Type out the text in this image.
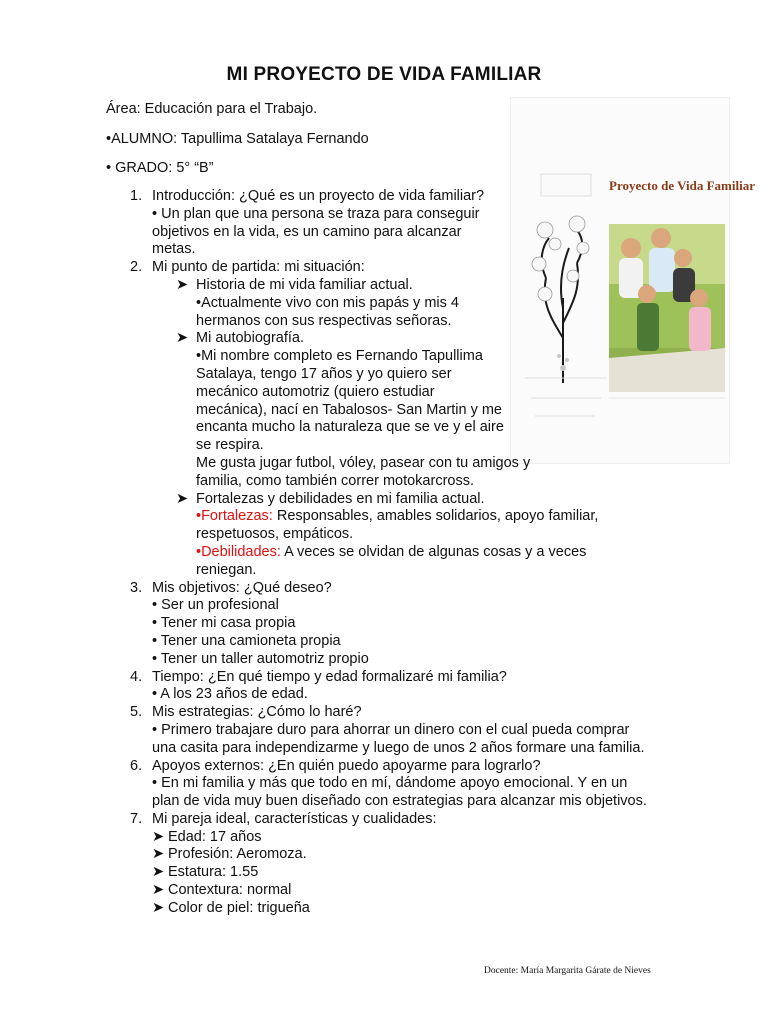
MI PROYECTO DE VIDA FAMILIAR
Área: Educación para el Trabajo.
•ALUMNO: Tapullima Satalaya Fernando
• GRADO: 5° “B”
Proyecto de Vida Familiar
1. Introducción: ¿Qué es un proyecto de vida familiar?
• Un plan que una persona se traza para conseguir objetivos en la vida, es un camino para alcanzar metas.
2. Mi punto de partida: mi situación:
➤ Historia de mi vida familiar actual.
•Actualmente vivo con mis papás y mis 4 hermanos con sus respectivas señoras.
➤ Mi autobiografía.
•Mi nombre completo es Fernando Tapullima Satalaya, tengo 17 años y yo quiero ser mecánico automotriz (quiero estudiar mecánica), nací en Tabalosos- San Martin y me encanta mucho la naturaleza que se ve y el aire se respira.
Me gusta jugar futbol, vóley, pasear con tu amigos y familia, como también correr motokarcross.
➤ Fortalezas y debilidades en mi familia actual.
•Fortalezas: Responsables, amables solidarios, apoyo familiar, respetuosos, empáticos.
•Debilidades: A veces se olvidan de algunas cosas y a veces reniegan.
3. Mis objetivos: ¿Qué deseo?
• Ser un profesional
• Tener mi casa propia
• Tener una camioneta propia
• Tener un taller automotriz propio
4. Tiempo: ¿En qué tiempo y edad formalizaré mi familia?
• A los 23 años de edad.
5. Mis estrategias: ¿Cómo lo haré?
• Primero trabajare duro para ahorrar un dinero con el cual pueda comprar una casita para independizarme y luego de unos 2 años formare una familia.
6. Apoyos externos: ¿En quién puedo apoyarme para lograrlo?
• En mi familia y más que todo en mí, dándome apoyo emocional. Y en un plan de vida muy buen diseñado con estrategias para alcanzar mis objetivos.
7. Mi pareja ideal, características y cualidades:
➤ Edad: 17 años
➤ Profesión: Aeromoza.
➤ Estatura: 1.55
➤ Contextura: normal
➤ Color de piel: trigueña
Docente: María Margarita Gárate de Nieves
